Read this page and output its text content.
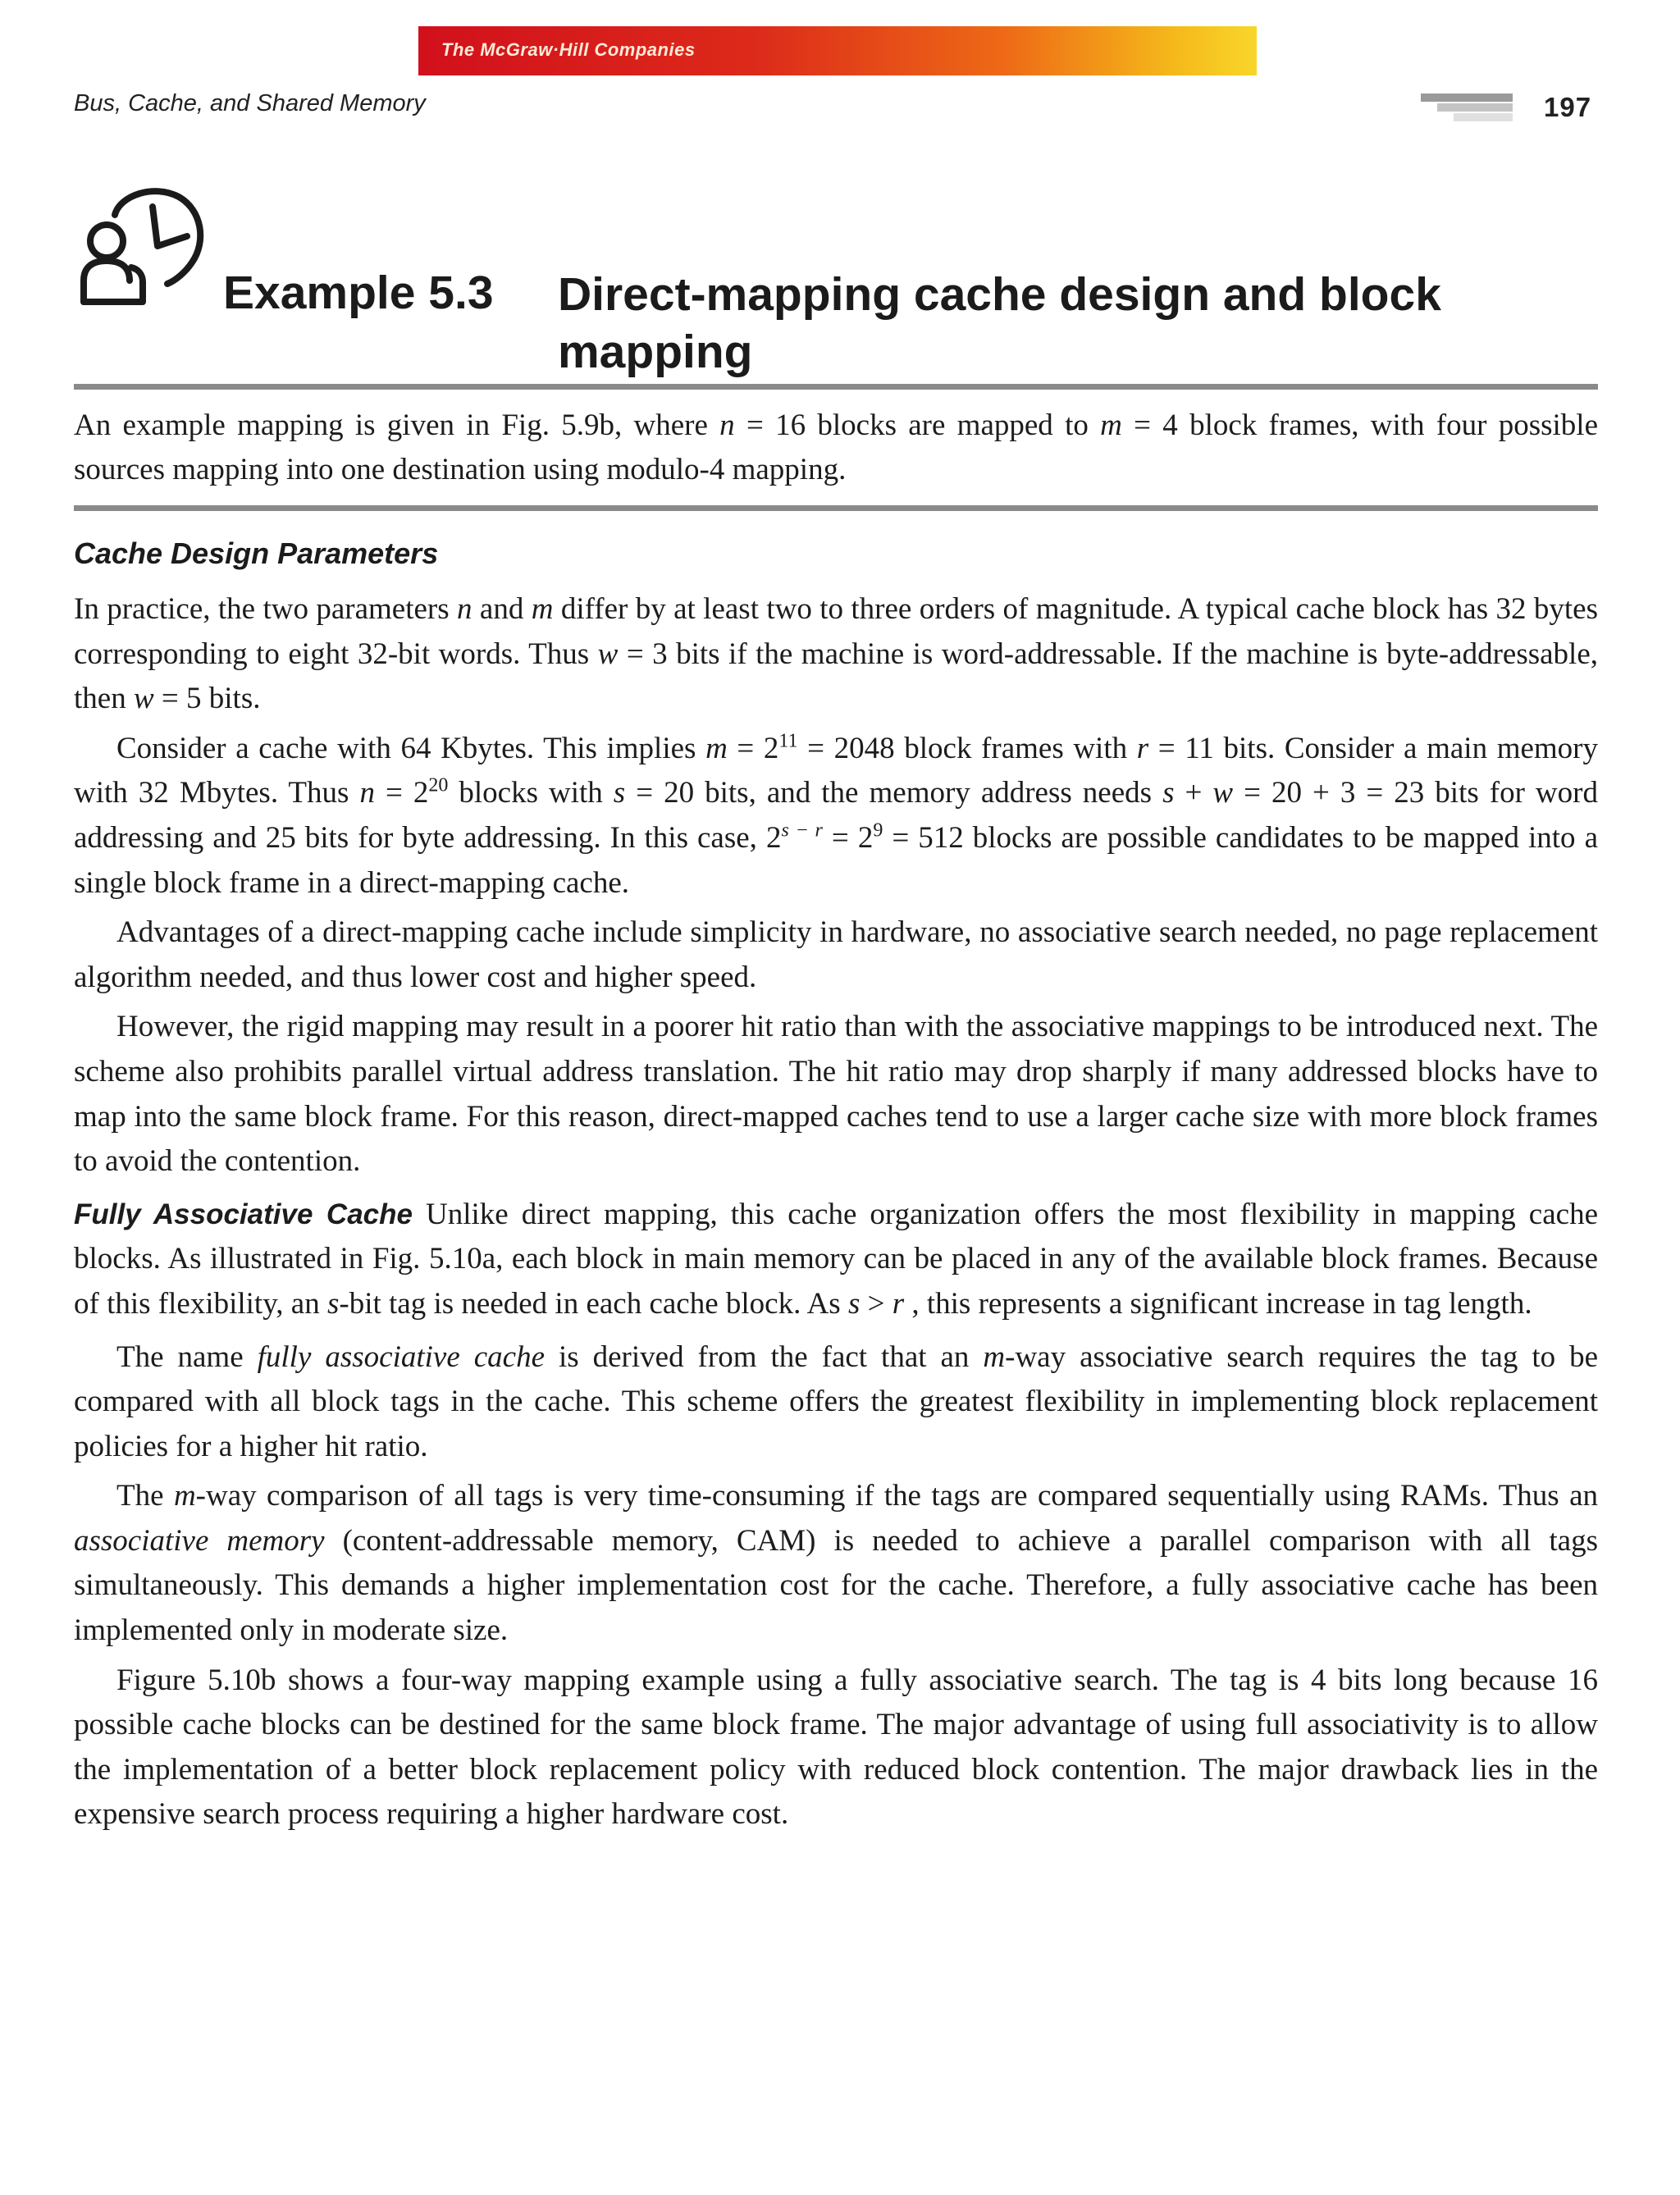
The McGraw·Hill Companies
Bus, Cache, and Shared Memory	197
Example 5.3 Direct-mapping cache design and block mapping

An example mapping is given in Fig. 5.9b, where n = 16 blocks are mapped to m = 4 block frames, with four possible sources mapping into one destination using modulo-4 mapping.

Cache Design Parameters

In practice, the two parameters n and m differ by at least two to three orders of magnitude. A typical cache block has 32 bytes corresponding to eight 32-bit words. Thus w = 3 bits if the machine is word-addressable. If the machine is byte-addressable, then w = 5 bits.

Consider a cache with 64 Kbytes. This implies $m = 2^{11} = 2048$ block frames with r = 11 bits. Consider a main memory with 32 Mbytes. Thus $n = 2^{20}$ blocks with s = 20 bits, and the memory address needs s + w = 20 + 3 = 23 bits for word addressing and 25 bits for byte addressing. In this case, $2^{s - r} = 2^9 = 512$ blocks are possible candidates to be mapped into a single block frame in a direct-mapping cache.

Advantages of a direct-mapping cache include simplicity in hardware, no associative search needed, no page replacement algorithm needed, and thus lower cost and higher speed.

However, the rigid mapping may result in a poorer hit ratio than with the associative mappings to be introduced next. The scheme also prohibits parallel virtual address translation. The hit ratio may drop sharply if many addressed blocks have to map into the same block frame. For this reason, direct-mapped caches tend to use a larger cache size with more block frames to avoid the contention.

Fully Associative Cache Unlike direct mapping, this cache organization offers the most flexibility in mapping cache blocks. As illustrated in Fig. 5.10a, each block in main memory can be placed in any of the available block frames. Because of this flexibility, an s-bit tag is needed in each cache block. As s > r , this represents a significant increase in tag length.

The name fully associative cache is derived from the fact that an m-way associative search requires the tag to be compared with all block tags in the cache. This scheme offers the greatest flexibility in implementing block replacement policies for a higher hit ratio.

The m-way comparison of all tags is very time-consuming if the tags are compared sequentially using RAMs. Thus an associative memory (content-addressable memory, CAM) is needed to achieve a parallel comparison with all tags simultaneously. This demands a higher implementation cost for the cache. Therefore, a fully associative cache has been implemented only in moderate size.

Figure 5.10b shows a four-way mapping example using a fully associative search. The tag is 4 bits long because 16 possible cache blocks can be destined for the same block frame. The major advantage of using full associativity is to allow the implementation of a better block replacement policy with reduced block contention. The major drawback lies in the expensive search process requiring a higher hardware cost.
